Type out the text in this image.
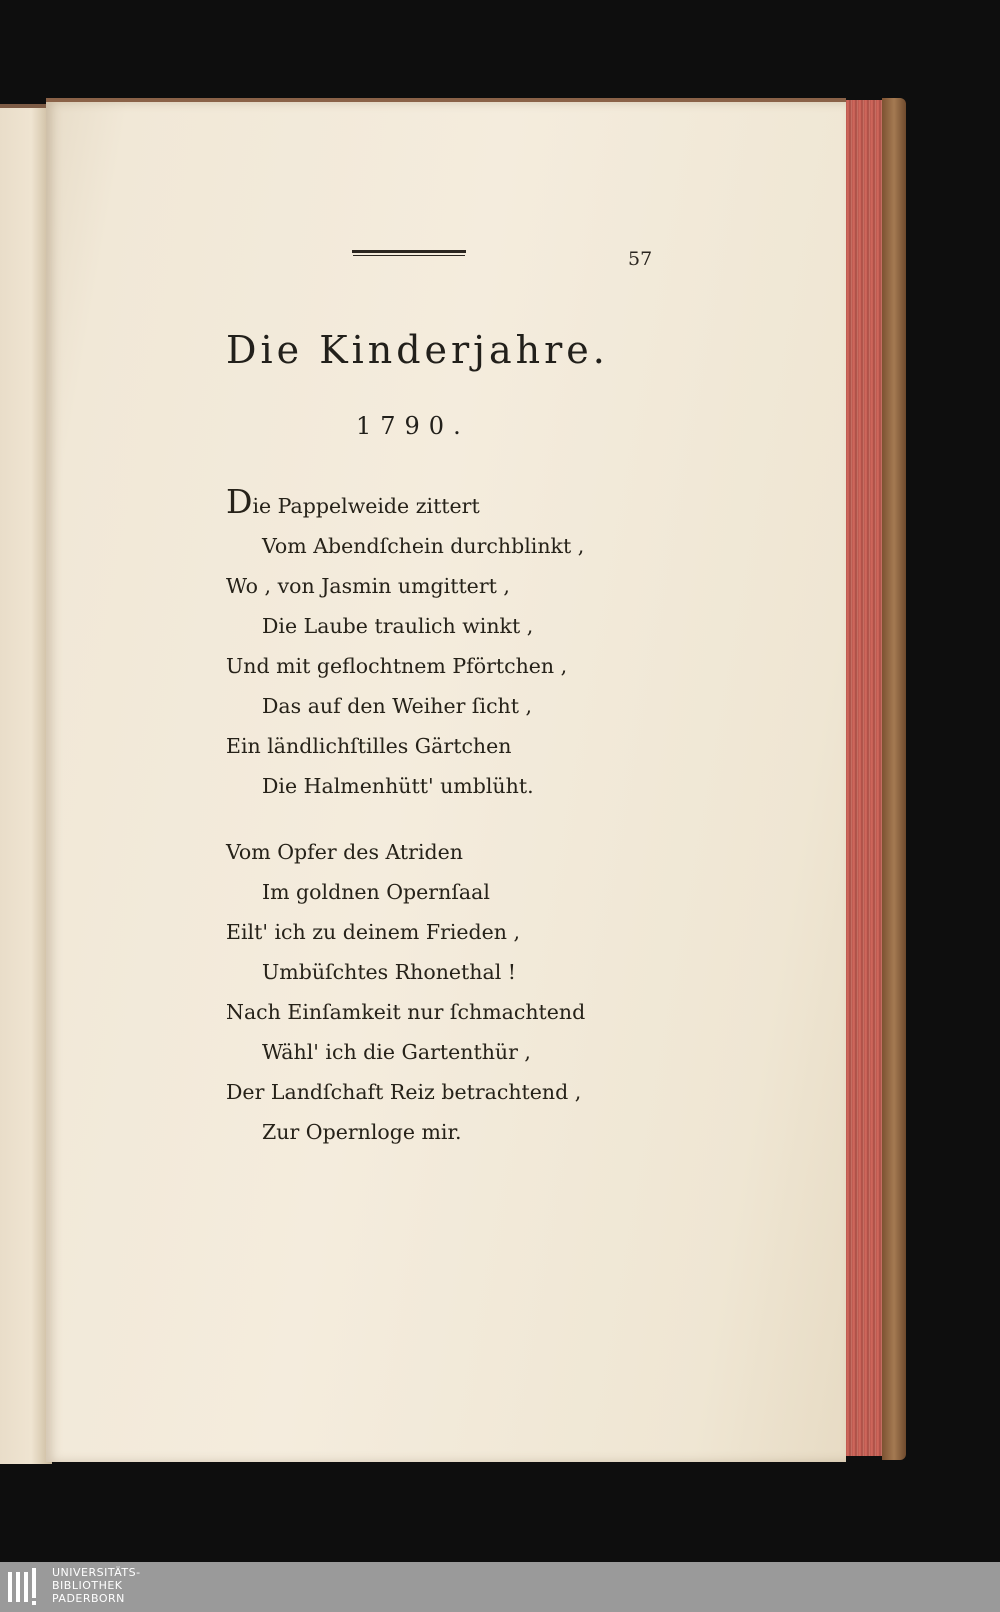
57
Die Kinderjahre.
1790.
Die Pappelweide zittert
Vom Abendſchein durchblinkt ,
Wo , von Jasmin umgittert ,
Die Laube traulich winkt ,
Und mit geflochtnem Pförtchen ,
Das auf den Weiher ſicht ,
Ein ländlichſtilles Gärtchen
Die Halmenhütt' umblüht.
Vom Opfer des Atriden
Im goldnen Opernſaal
Eilt' ich zu deinem Frieden ,
Umbüſchtes Rhonethal !
Nach Einſamkeit nur ſchmachtend
Wähl' ich die Gartenthür ,
Der Landſchaft Reiz betrachtend ,
Zur Opernloge mir.
UNIVERSITÄTS-
BIBLIOTHEK
PADERBORN
